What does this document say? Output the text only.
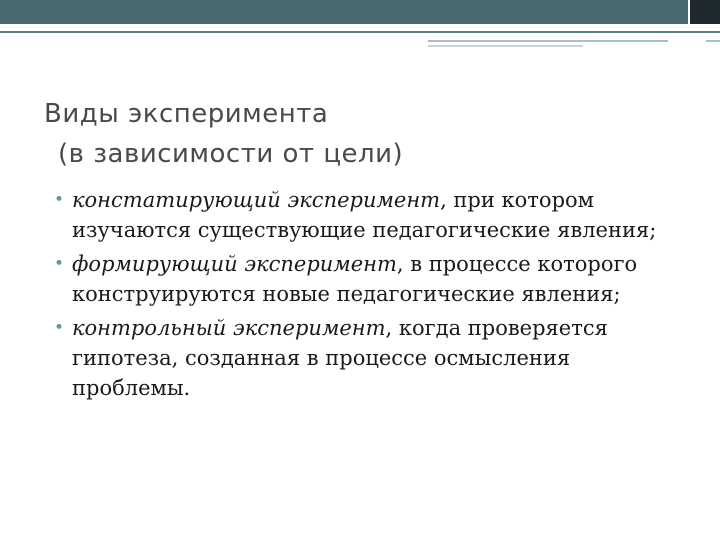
Виды эксперимента
(в зависимости от цели)
• констатирующий эксперимент, при котором изучаются существующие педагогические явления;
• формирующий эксперимент, в процессе которого конструируются новые педагогические явления;
• контрольный эксперимент, когда проверяется гипотеза, созданная в процессе осмысления проблемы.
